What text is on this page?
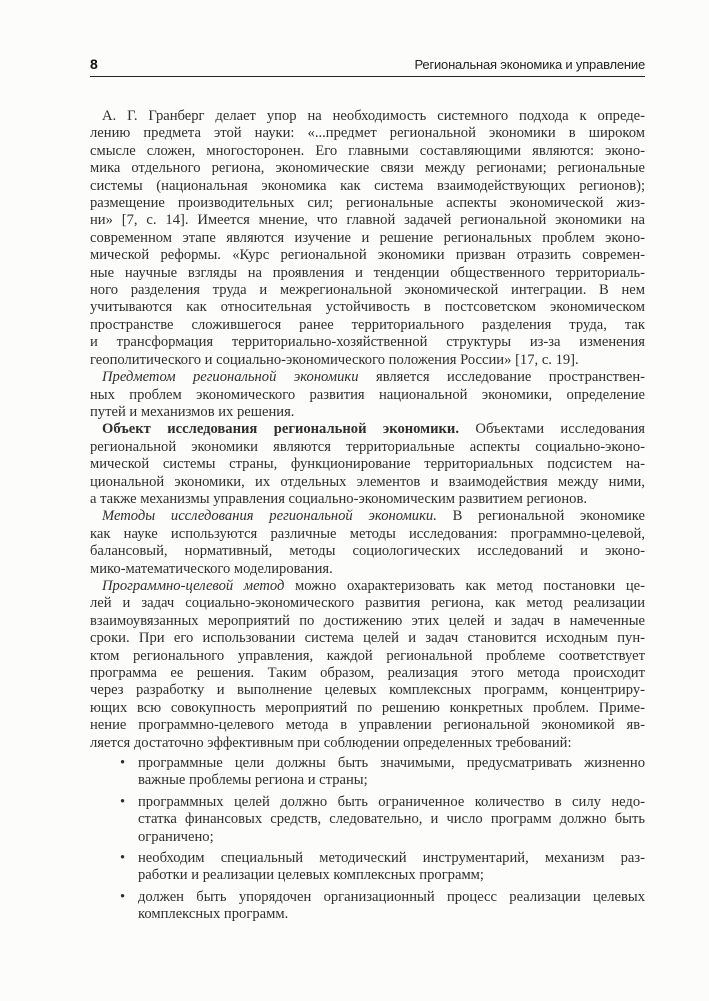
8	Региональная экономика и управление
А. Г. Гранберг делает упор на необходимость системного подхода к опреде-
лению предмета этой науки: «...предмет региональной экономики в широком
смысле сложен, многосторонен. Его главными составляющими являются: эконо-
мика отдельного региона, экономические связи между регионами; региональные
системы (национальная экономика как система взаимодействующих регионов);
размещение производительных сил; региональные аспекты экономической жиз-
ни» [7, с. 14]. Имеется мнение, что главной задачей региональной экономики на
современном этапе являются изучение и решение региональных проблем эконо-
мической реформы. «Курс региональной экономики призван отразить современ-
ные научные взгляды на проявления и тенденции общественного территориаль-
ного разделения труда и межрегиональной экономической интеграции. В нем
учитываются как относительная устойчивость в постсоветском экономическом
пространстве сложившегося ранее территориального разделения труда, так
и трансформация территориально-хозяйственной структуры из-за изменения
геополитического и социально-экономического положения России» [17, с. 19].
Предметом региональной экономики является исследование пространствен-
ных проблем экономического развития национальной экономики, определение
путей и механизмов их решения.
Объект исследования региональной экономики. Объектами исследования
региональной экономики являются территориальные аспекты социально-эконо-
мической системы страны, функционирование территориальных подсистем на-
циональной экономики, их отдельных элементов и взаимодействия между ними,
а также механизмы управления социально-экономическим развитием регионов.
Методы исследования региональной экономики. В региональной экономике
как науке используются различные методы исследования: программно-целевой,
балансовый, нормативный, методы социологических исследований и эконо-
мико-математического моделирования.
Программно-целевой метод можно охарактеризовать как метод постановки це-
лей и задач социально-экономического развития региона, как метод реализации
взаимоувязанных мероприятий по достижению этих целей и задач в намеченные
сроки. При его использовании система целей и задач становится исходным пун-
ктом регионального управления, каждой региональной проблеме соответствует
программа ее решения. Таким образом, реализация этого метода происходит
через разработку и выполнение целевых комплексных программ, концентриру-
ющих всю совокупность мероприятий по решению конкретных проблем. Приме-
нение программно-целевого метода в управлении региональной экономикой яв-
ляется достаточно эффективным при соблюдении определенных требований:
• программные цели должны быть значимыми, предусматривать жизненно
важные проблемы региона и страны;
• программных целей должно быть ограниченное количество в силу недо-
статка финансовых средств, следовательно, и число программ должно быть
ограничено;
• необходим специальный методический инструментарий, механизм раз-
работки и реализации целевых комплексных программ;
• должен быть упорядочен организационный процесс реализации целевых
комплексных программ.
